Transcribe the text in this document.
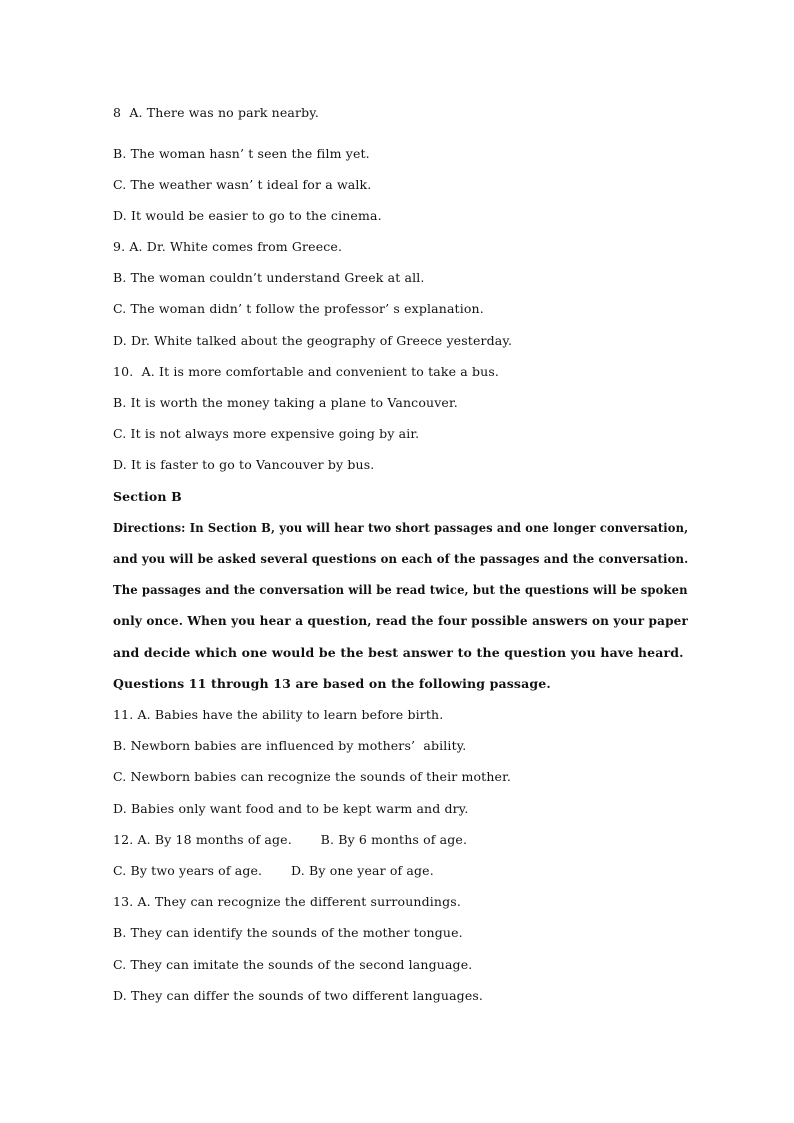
8  A. There was no park nearby.
B. The woman hasn’ t seen the film yet.
C. The weather wasn’ t ideal for a walk.
D. It would be easier to go to the cinema.
9. A. Dr. White comes from Greece.
B. The woman couldn’t understand Greek at all.
C. The woman didn’ t follow the professor’ s explanation.
D. Dr. White talked about the geography of Greece yesterday.
10.  A. It is more comfortable and convenient to take a bus.
B. It is worth the money taking a plane to Vancouver.
C. It is not always more expensive going by air.
D. It is faster to go to Vancouver by bus.
Section B
Directions: In Section B, you will hear two short passages and one longer conversation,
and you will be asked several questions on each of the passages and the conversation.
The passages and the conversation will be read twice, but the questions will be spoken
only once. When you hear a question, read the four possible answers on your paper
and decide which one would be the best answer to the question you have heard.
Questions 11 through 13 are based on the following passage.
11. A. Babies have the ability to learn before birth.
B. Newborn babies are influenced by mothers’  ability.
C. Newborn babies can recognize the sounds of their mother.
D. Babies only want food and to be kept warm and dry.
12. A. By 18 months of age.       B. By 6 months of age.
C. By two years of age.       D. By one year of age.
13. A. They can recognize the different surroundings.
B. They can identify the sounds of the mother tongue.
C. They can imitate the sounds of the second language.
D. They can differ the sounds of two different languages.
